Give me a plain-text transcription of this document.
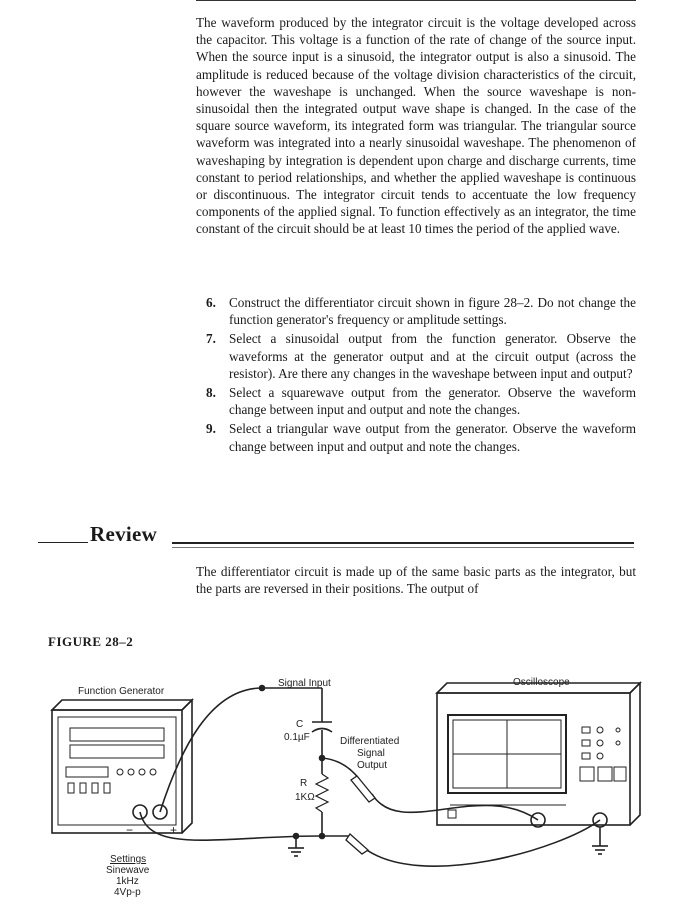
The waveform produced by the integrator circuit is the voltage developed across the capacitor. This voltage is a function of the rate of change of the source input. When the source input is a sinusoid, the integrator output is also a sinusoid. The amplitude is reduced because of the voltage division characteristics of the circuit, however the waveshape is unchanged. When the source waveshape is non-sinusoidal then the integrated output wave shape is changed. In the case of the square source waveform, its integrated form was triangular. The triangular source waveform was integrated into a nearly sinusoidal waveshape. The phenomenon of waveshaping by integration is dependent upon charge and discharge currents, time constant to period relationships, and whether the applied waveshape is continuous or discontinuous. The integrator circuit tends to accentuate the low frequency components of the applied signal. To function effectively as an integrator, the time constant of the circuit should be at least 10 times the period of the applied wave.

6. Construct the differentiator circuit shown in figure 28–2. Do not change the function generator's frequency or amplitude settings.
7. Select a sinusoidal output from the function generator. Observe the waveforms at the generator output and at the circuit output (across the resistor). Are there any changes in the waveshape between input and output?
8. Select a squarewave output from the generator. Observe the waveform change between input and output and note the changes.
9. Select a triangular wave output from the generator. Observe the waveform change between input and output and note the changes.
Review

The differentiator circuit is made up of the same basic parts as the integrator, but the parts are reversed in their positions. The output of

FIGURE 28–2
Function Generator
Signal Input	Oscilloscope
C
0.1µF
R
1KΩ
Differentiated
Signal
Output
−	+
Settings
Sinewave
1kHz
4Vp-p
